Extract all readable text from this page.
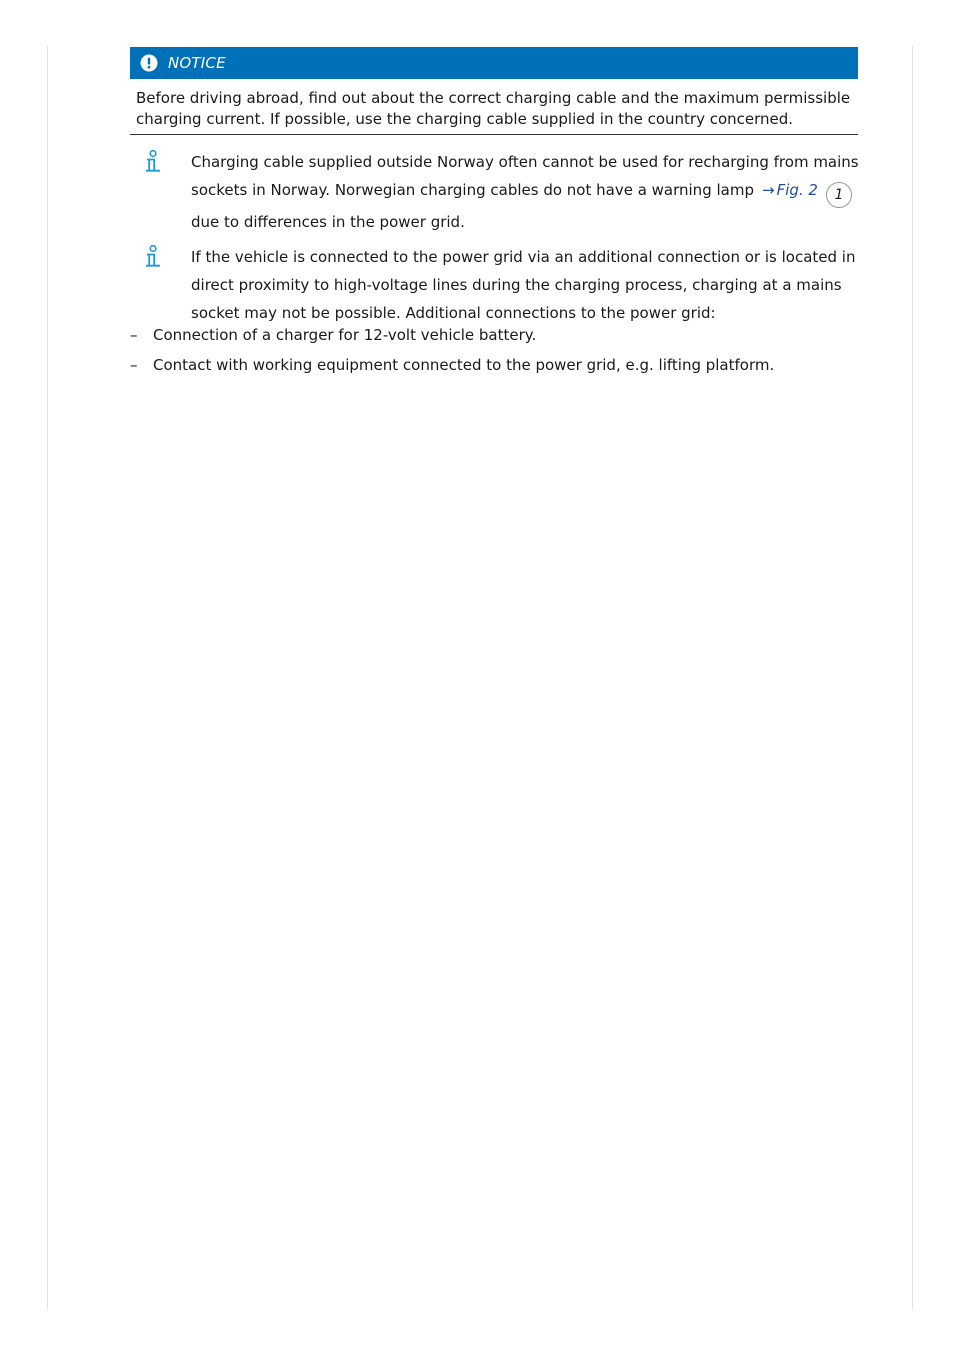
NOTICE
Before driving abroad, find out about the correct charging cable and the maximum permissible charging current. If possible, use the charging cable supplied in the country concerned.

Charging cable supplied outside Norway often cannot be used for recharging from mains sockets in Norway. Norwegian charging cables do not have a warning lamp → Fig. 2 1
due to differences in the power grid.

If the vehicle is connected to the power grid via an additional connection or is located in direct proximity to high-voltage lines during the charging process, charging at a mains socket may not be possible. Additional connections to the power grid:

– Connection of a charger for 12-volt vehicle battery.
– Contact with working equipment connected to the power grid, e.g. lifting platform.
